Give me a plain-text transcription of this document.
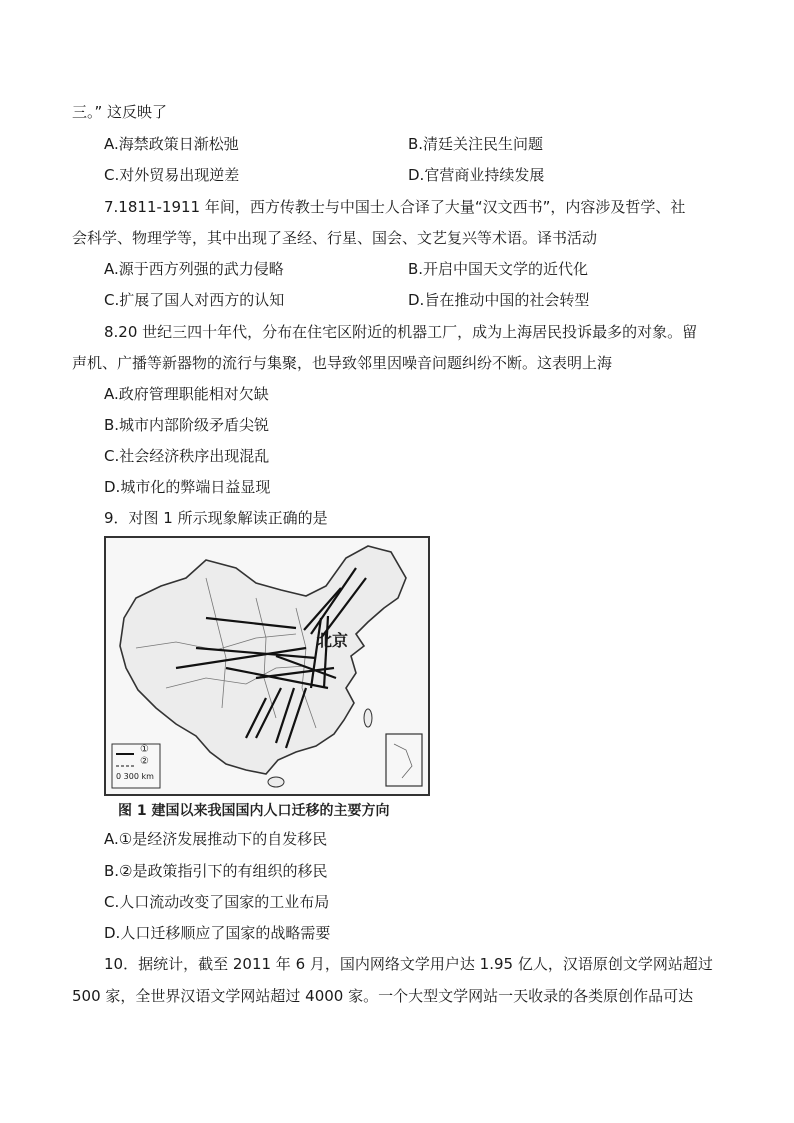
三。” 这反映了
A.海禁政策日渐松弛	B.清廷关注民生问题
C.对外贸易出现逆差	D.官营商业持续发展
7.1811-1911 年间，西方传教士与中国士人合译了大量“汉文西书”，内容涉及哲学、社
会科学、物理学等，其中出现了圣经、行星、国会、文艺复兴等术语。译书活动
A.源于西方列强的武力侵略	B.开启中国天文学的近代化
C.扩展了国人对西方的认知	D.旨在推动中国的社会转型
8.20 世纪三四十年代，分布在住宅区附近的机器工厂，成为上海居民投诉最多的对象。留
声机、广播等新器物的流行与集聚，也导致邻里因噪音问题纠纷不断。这表明上海
A.政府管理职能相对欠缺
B.城市内部阶级矛盾尖锐
C.社会经济秩序出现混乱
D.城市化的弊端日益显现
9．对图 1 所示现象解读正确的是
北京
①
②
0 300 km
图 1 建国以来我国国内人口迁移的主要方向
A.①是经济发展推动下的自发移民
B.②是政策指引下的有组织的移民
C.人口流动改变了国家的工业布局
D.人口迁移顺应了国家的战略需要
10．据统计，截至 2011 年 6 月，国内网络文学用户达 1.95 亿人，汉语原创文学网站超过
500 家，全世界汉语文学网站超过 4000 家。一个大型文学网站一天收录的各类原创作品可达
